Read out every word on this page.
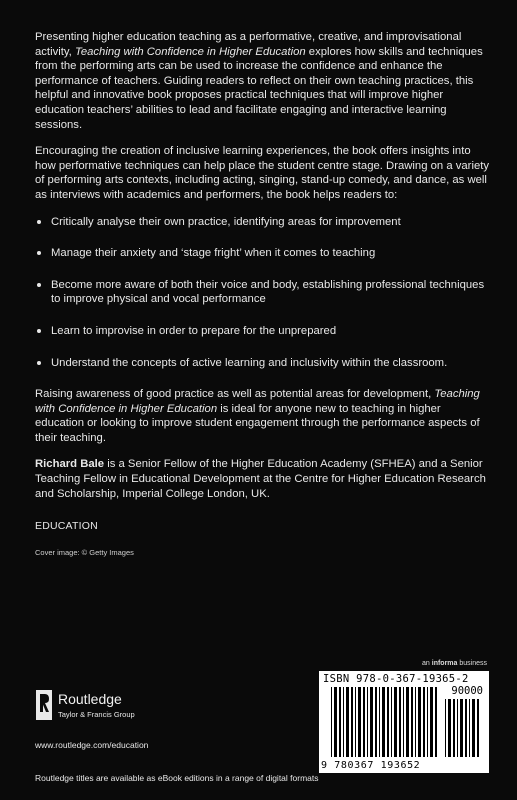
Presenting higher education teaching as a performative, creative, and improvisational activity, Teaching with Confidence in Higher Education explores how skills and techniques from the performing arts can be used to increase the confidence and enhance the performance of teachers. Guiding readers to reflect on their own teaching practices, this helpful and innovative book proposes practical techniques that will improve higher education teachers’ abilities to lead and facilitate engaging and interactive learning sessions.

Encouraging the creation of inclusive learning experiences, the book offers insights into how performative techniques can help place the student centre stage. Drawing on a variety of performing arts contexts, including acting, singing, stand-up comedy, and dance, as well as interviews with academics and performers, the book helps readers to:

Critically analyse their own practice, identifying areas for improvement
Manage their anxiety and ‘stage fright’ when it comes to teaching
Become more aware of both their voice and body, establishing professional techniques to improve physical and vocal performance
Learn to improvise in order to prepare for the unprepared
Understand the concepts of active learning and inclusivity within the classroom.

Raising awareness of good practice as well as potential areas for development, Teaching with Confidence in Higher Education is ideal for anyone new to teaching in higher education or looking to improve student engagement through the performance aspects of their teaching.

Richard Bale is a Senior Fellow of the Higher Education Academy (SFHEA) and a Senior Teaching Fellow in Educational Development at the Centre for Higher Education Research and Scholarship, Imperial College London, UK.

EDUCATION
Cover image: © Getty Images
an informa business
ISBN 978-0-367-19365-2
90000
9 780367 193652
Routledge
Taylor & Francis Group
www.routledge.com/education
Routledge titles are available as eBook editions in a range of digital formats
